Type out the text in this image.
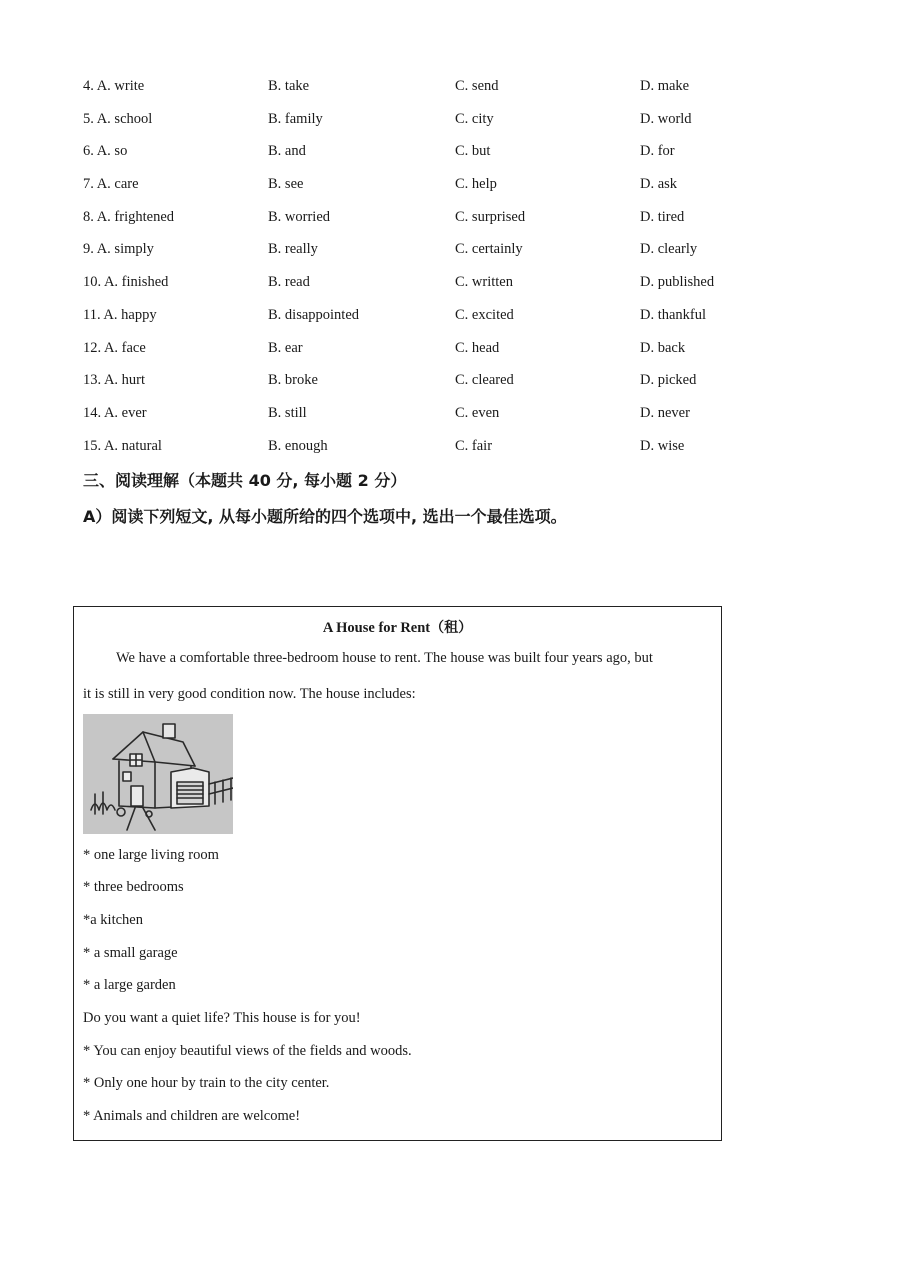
4. A. write	B. take	C. send	D. make
5. A. school	B. family	C. city	D. world
6. A. so	B. and	C. but	D. for
7. A. care	B. see	C. help	D. ask
8. A. frightened	B. worried	C. surprised	D. tired
9. A. simply	B. really	C. certainly	D. clearly
10. A. finished	B. read	C. written	D. published
11. A. happy	B. disappointed	C. excited	D. thankful
12. A. face	B. ear	C. head	D. back
13. A. hurt	B. broke	C. cleared	D. picked
14. A. ever	B. still	C. even	D. never
15. A. natural	B. enough	C. fair	D. wise
三、阅读理解（本题共 40 分, 每小题 2 分）
A）阅读下列短文, 从每小题所给的四个选项中, 选出一个最佳选项。
A House for Rent（租）
We have a comfortable three-bedroom house to rent. The house was built four years ago, but
it is still in very good condition now. The house includes:
* one large living room
* three bedrooms
*a kitchen
* a small garage
* a large garden
Do you want a quiet life? This house is for you!
* You can enjoy beautiful views of the fields and woods.
* Only one hour by train to the city center.
* Animals and children are welcome!
